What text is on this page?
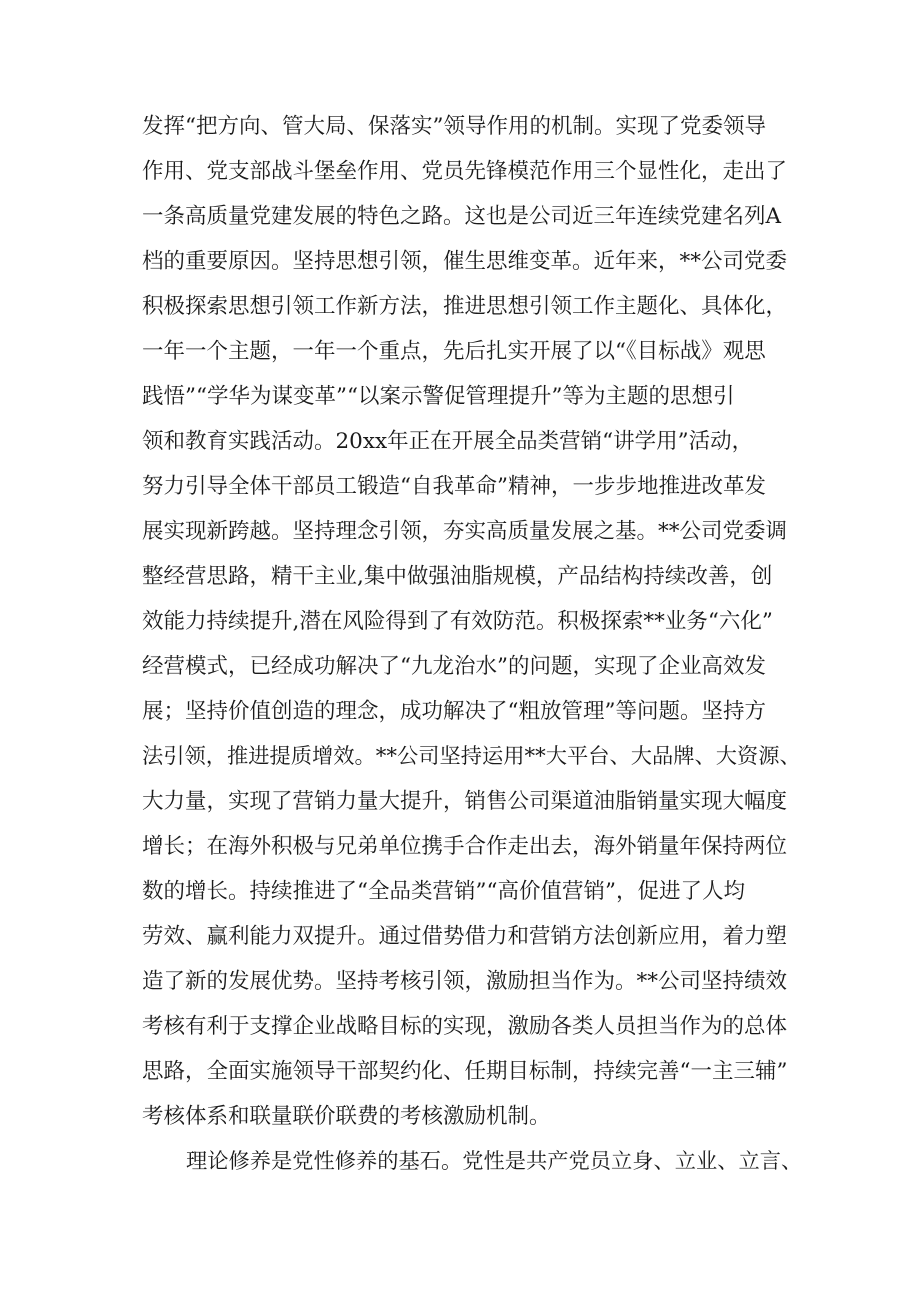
发挥“把方向、管大局、保落实”领导作用的机制。实现了党委领导
作用、党支部战斗堡垒作用、党员先锋模范作用三个显性化，走出了
一条高质量党建发展的特色之路。这也是公司近三年连续党建名列A
档的重要原因。坚持思想引领，催生思维变革。近年来，**公司党委
积极探索思想引领工作新方法，推进思想引领工作主题化、具体化，
一年一个主题，一年一个重点，先后扎实开展了以“《目标战》观思
践悟”“学华为谋变革”“以案示警促管理提升”等为主题的思想引
领和教育实践活动。20xx年正在开展全品类营销“讲学用”活动，
努力引导全体干部员工锻造“自我革命”精神，一步步地推进改革发
展实现新跨越。坚持理念引领，夯实高质量发展之基。**公司党委调
整经营思路，精干主业,集中做强油脂规模，产品结构持续改善，创
效能力持续提升,潜在风险得到了有效防范。积极探索**业务“六化”
经营模式，已经成功解决了“九龙治水”的问题，实现了企业高效发
展；坚持价值创造的理念，成功解决了“粗放管理”等问题。坚持方
法引领，推进提质增效。**公司坚持运用**大平台、大品牌、大资源、
大力量，实现了营销力量大提升，销售公司渠道油脂销量实现大幅度
增长；在海外积极与兄弟单位携手合作走出去，海外销量年保持两位
数的增长。持续推进了“全品类营销”“高价值营销”，促进了人均
劳效、赢利能力双提升。通过借势借力和营销方法创新应用，着力塑
造了新的发展优势。坚持考核引领，激励担当作为。**公司坚持绩效
考核有利于支撑企业战略目标的实现，激励各类人员担当作为的总体
思路，全面实施领导干部契约化、任期目标制，持续完善“一主三辅”
考核体系和联量联价联费的考核激励机制。
理论修养是党性修养的基石。党性是共产党员立身、立业、立言、
